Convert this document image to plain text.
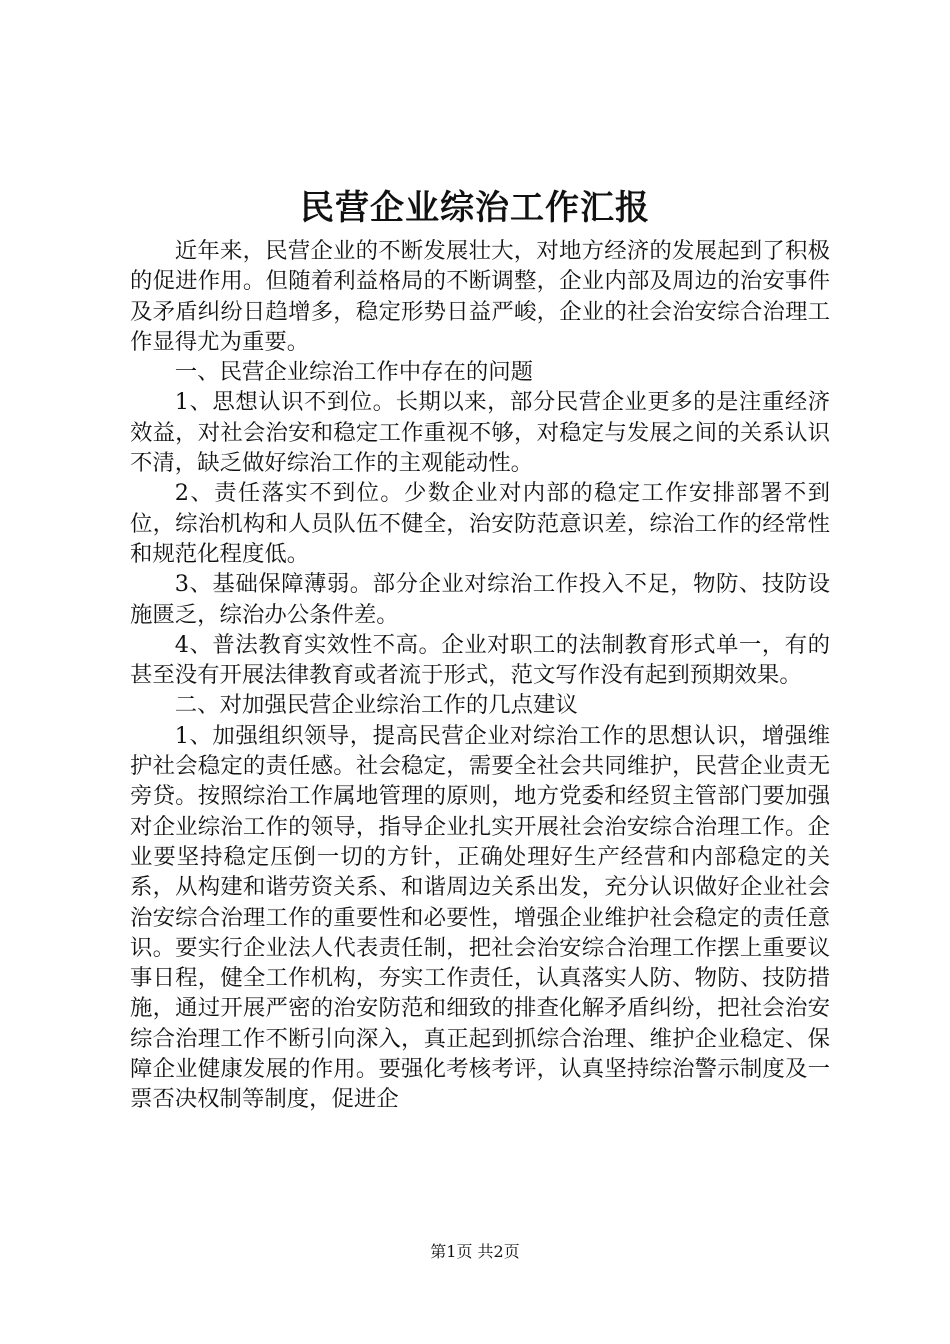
民营企业综治工作汇报

近年来，民营企业的不断发展壮大，对地方经济的发展起到了积极的促进作用。但随着利益格局的不断调整，企业内部及周边的治安事件及矛盾纠纷日趋增多，稳定形势日益严峻，企业的社会治安综合治理工作显得尤为重要。

一、民营企业综治工作中存在的问题

1、思想认识不到位。长期以来，部分民营企业更多的是注重经济效益，对社会治安和稳定工作重视不够，对稳定与发展之间的关系认识不清，缺乏做好综治工作的主观能动性。

2、责任落实不到位。少数企业对内部的稳定工作安排部署不到位，综治机构和人员队伍不健全，治安防范意识差，综治工作的经常性和规范化程度低。

3、基础保障薄弱。部分企业对综治工作投入不足，物防、技防设施匮乏，综治办公条件差。

4、普法教育实效性不高。企业对职工的法制教育形式单一，有的甚至没有开展法律教育或者流于形式，范文写作没有起到预期效果。

二、对加强民营企业综治工作的几点建议

1、加强组织领导，提高民营企业对综治工作的思想认识，增强维护社会稳定的责任感。社会稳定，需要全社会共同维护，民营企业责无旁贷。按照综治工作属地管理的原则，地方党委和经贸主管部门要加强对企业综治工作的领导，指导企业扎实开展社会治安综合治理工作。企业要坚持稳定压倒一切的方针，正确处理好生产经营和内部稳定的关系，从构建和谐劳资关系、和谐周边关系出发，充分认识做好企业社会治安综合治理工作的重要性和必要性，增强企业维护社会稳定的责任意识。要实行企业法人代表责任制，把社会治安综合治理工作摆上重要议事日程，健全工作机构，夯实工作责任，认真落实人防、物防、技防措施，通过开展严密的治安防范和细致的排查化解矛盾纠纷，把社会治安综合治理工作不断引向深入，真正起到抓综合治理、维护企业稳定、保障企业健康发展的作用。要强化考核考评，认真坚持综治警示制度及一票否决权制等制度，促进企

第1页 共2页
